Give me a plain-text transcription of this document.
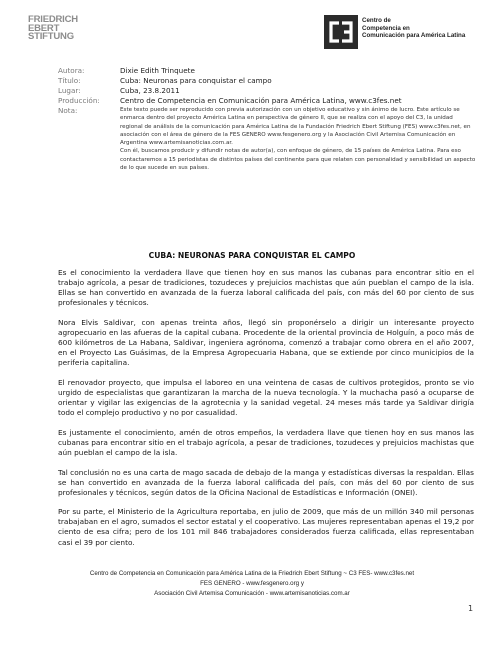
FRIEDRICH
EBERT
STIFTUNG
Centro de
Competencia en
Comunicación para América Latina
Autora:	Dixie Edith Trinquete
Título:	Cuba: Neuronas para conquistar el campo
Lugar:	Cuba, 23.8.2011
Producción:	Centro de Competencia en Comunicación para América Latina, www.c3fes.net
Nota:	Este texto puede ser reproducido con previa autorización con un objetivo educativo y sin ánimo de lucro. Este artículo se enmarca dentro del proyecto América Latina en perspectiva de género II, que se realiza con el apoyo del C3, la unidad regional de análisis de la comunicación para América Latina de la Fundación Friedrich Ebert Stiftung (FES) www.c3fes.net, en asociación con el área de género de la FES GENERO www.fesgenero.org y la Asociación Civil Artemisa Comunicación en Argentina www.artemisanoticias.com.ar.

Con él, buscamos producir y difundir notas de autor(a), con enfoque de género, de 15 países de América Latina. Para eso contactaremos a 15 periodistas de distintos países del continente para que relaten con personalidad y sensibilidad un aspecto de lo que sucede en sus países.

CUBA: NEURONAS PARA CONQUISTAR EL CAMPO

Es el conocimiento la verdadera llave que tienen hoy en sus manos las cubanas para encontrar sitio en el trabajo agrícola, a pesar de tradiciones, tozudeces y prejuicios machistas que aún pueblan el campo de la isla. Ellas se han convertido en avanzada de la fuerza laboral calificada del país, con más del 60 por ciento de sus profesionales y técnicos.

Nora Elvis Saldivar, con apenas treinta años, llegó sin proponérselo a dirigir un interesante proyecto agropecuario en las afueras de la capital cubana. Procedente de la oriental provincia de Holguín, a poco más de 600 kilómetros de La Habana, Saldivar, ingeniera agrónoma, comenzó a trabajar como obrera en el año 2007, en el Proyecto Las Guásimas, de la Empresa Agropecuaria Habana, que se extiende por cinco municipios de la periferia capitalina.

El renovador proyecto, que impulsa el laboreo en una veintena de casas de cultivos protegidos, pronto se vio urgido de especialistas que garantizaran la marcha de la nueva tecnología. Y la muchacha pasó a ocuparse de orientar y vigilar las exigencias de la agrotecnia y la sanidad vegetal. 24 meses más tarde ya Saldivar dirigía todo el complejo productivo y no por casualidad.

Es justamente el conocimiento, amén de otros empeños, la verdadera llave que tienen hoy en sus manos las cubanas para encontrar sitio en el trabajo agrícola, a pesar de tradiciones, tozudeces y prejuicios machistas que aún pueblan el campo de la isla.

Tal conclusión no es una carta de mago sacada de debajo de la manga y estadísticas diversas la respaldan. Ellas se han convertido en avanzada de la fuerza laboral calificada del país, con más del 60 por ciento de sus profesionales y técnicos, según datos de la Oficina Nacional de Estadísticas e Información (ONEI).

Por su parte, el Ministerio de la Agricultura reportaba, en julio de 2009, que más de un millón 340 mil personas trabajaban en el agro, sumados el sector estatal y el cooperativo. Las mujeres representaban apenas el 19,2 por ciento de esa cifra; pero de los 101 mil 846 trabajadores considerados fuerza calificada, ellas representaban casi el 39 por ciento.

Centro de Competencia en Comunicación para América Latina de la Friedrich Ebert Stiftung ~ C3 FES- www.c3fes.net
FES GENERO - www.fesgenero.org y
Asociación Civil Artemisa Comunicación - www.artemisanoticias.com.ar
1
